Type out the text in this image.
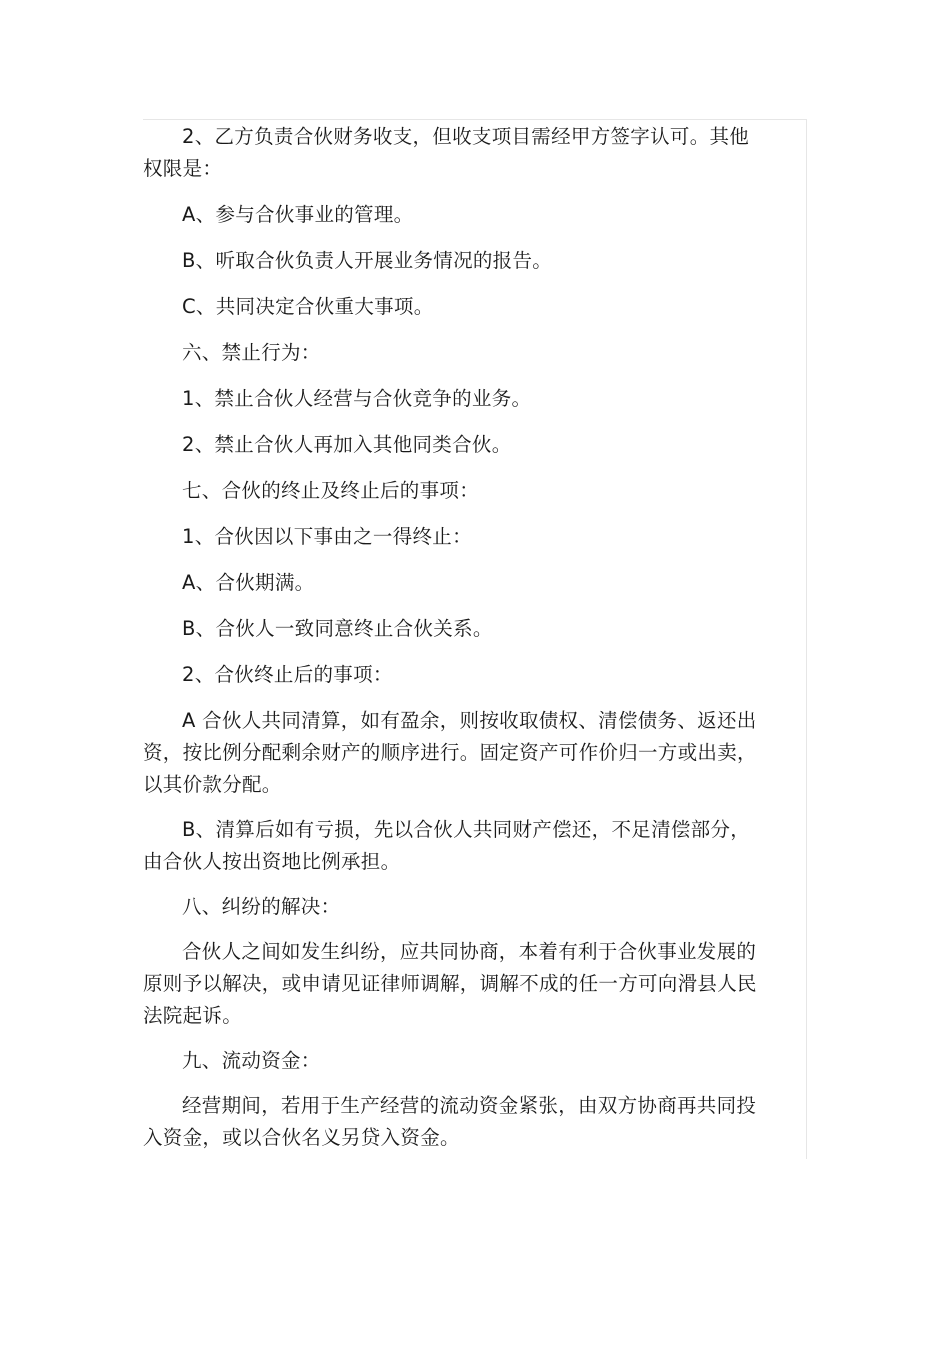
2、乙方负责合伙财务收支，但收支项目需经甲方签字认可。其他权限是：

A、参与合伙事业的管理。

B、听取合伙负责人开展业务情况的报告。

C、共同决定合伙重大事项。

六、禁止行为：

1、禁止合伙人经营与合伙竞争的业务。

2、禁止合伙人再加入其他同类合伙。

七、合伙的终止及终止后的事项：

1、合伙因以下事由之一得终止：

A、合伙期满。

B、合伙人一致同意终止合伙关系。

2、合伙终止后的事项：

A 合伙人共同清算，如有盈余，则按收取债权、清偿债务、返还出资，按比例分配剩余财产的顺序进行。固定资产可作价归一方或出卖，以其价款分配。

B、清算后如有亏损，先以合伙人共同财产偿还，不足清偿部分，由合伙人按出资地比例承担。

八、纠纷的解决：

合伙人之间如发生纠纷，应共同协商，本着有利于合伙事业发展的原则予以解决，或申请见证律师调解，调解不成的任一方可向滑县人民法院起诉。

九、流动资金：

经营期间，若用于生产经营的流动资金紧张，由双方协商再共同投入资金，或以合伙名义另贷入资金。
